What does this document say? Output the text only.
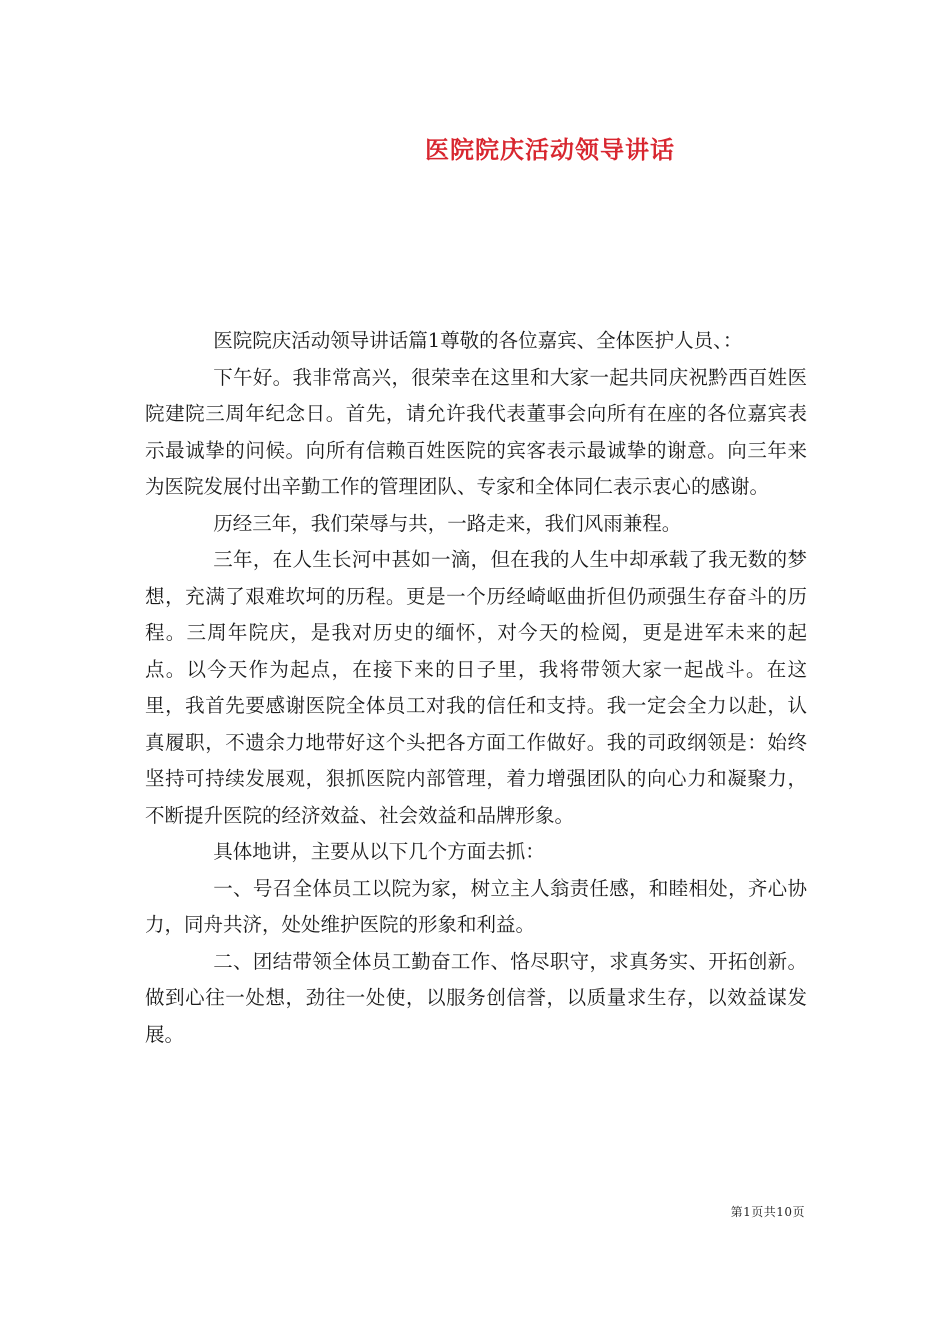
医院院庆活动领导讲话

医院院庆活动领导讲话篇1尊敬的各位嘉宾、全体医护人员、：

下午好。我非常高兴，很荣幸在这里和大家一起共同庆祝黔西百姓医院建院三周年纪念日。首先，请允许我代表董事会向所有在座的各位嘉宾表示最诚挚的问候。向所有信赖百姓医院的宾客表示最诚挚的谢意。向三年来为医院发展付出辛勤工作的管理团队、专家和全体同仁表示衷心的感谢。

历经三年，我们荣辱与共，一路走来，我们风雨兼程。

三年，在人生长河中甚如一滴，但在我的人生中却承载了我无数的梦想，充满了艰难坎坷的历程。更是一个历经崎岖曲折但仍顽强生存奋斗的历程。三周年院庆，是我对历史的缅怀，对今天的检阅，更是进军未来的起点。以今天作为起点，在接下来的日子里，我将带领大家一起战斗。在这里，我首先要感谢医院全体员工对我的信任和支持。我一定会全力以赴，认真履职，不遗余力地带好这个头把各方面工作做好。我的司政纲领是：始终坚持可持续发展观，狠抓医院内部管理，着力增强团队的向心力和凝聚力，不断提升医院的经济效益、社会效益和品牌形象。

具体地讲，主要从以下几个方面去抓：

一、号召全体员工以院为家，树立主人翁责任感，和睦相处，齐心协力，同舟共济，处处维护医院的形象和利益。

二、团结带领全体员工勤奋工作、恪尽职守，求真务实、开拓创新。做到心往一处想，劲往一处使，以服务创信誉，以质量求生存，以效益谋发展。

第1页共10页
